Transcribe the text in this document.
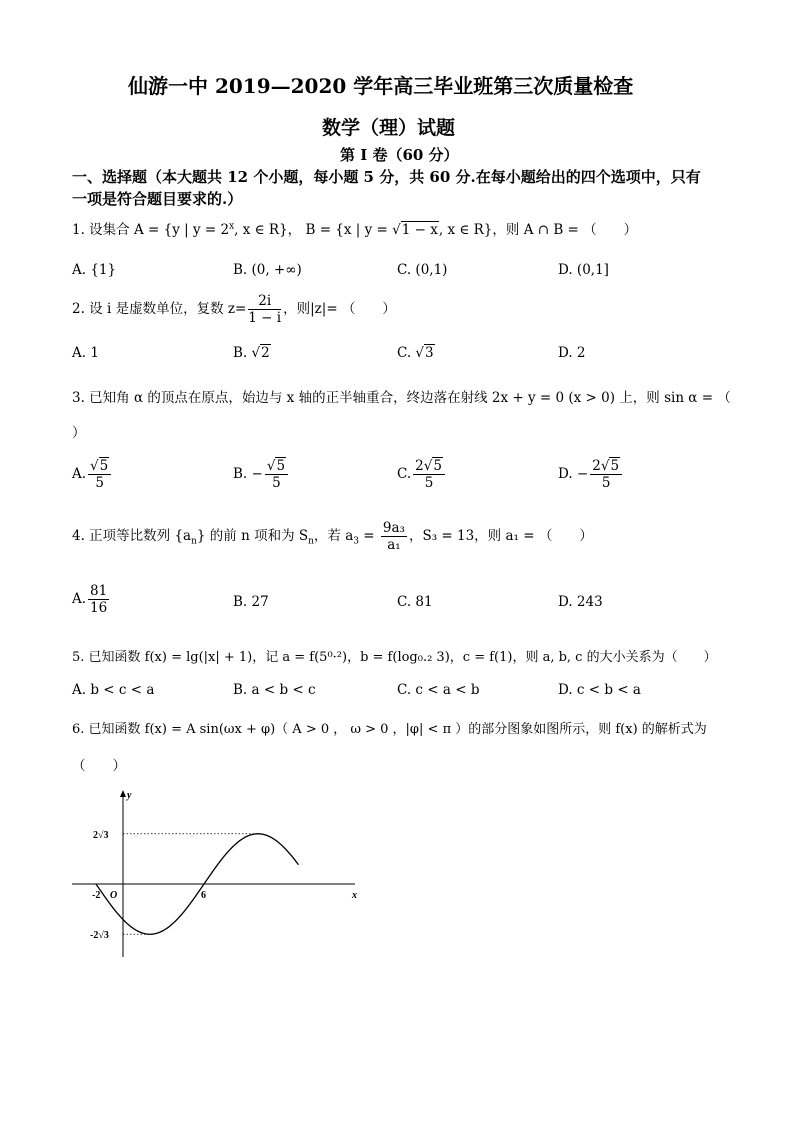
仙游一中 2019—2020 学年高三毕业班第三次质量检查
数学（理）试题
第 I 卷（60 分）
一、选择题（本大题共 12 个小题，每小题 5 分，共 60 分.在每小题给出的四个选项中，只有
一项是符合题目要求的.）
1. 设集合 A = {y | $y = 2^x$, x ∈ R}， B = {x | y = √1 − x, x ∈ R}，则 A ∩ B = （　　）
A. {1}	B. (0, +∞)	C. (0,1)	D. (0,1]
2. 设 i 是虚数单位，复数 $z= \frac{2i}{1 - i}$ ，则|z|= （　　）
A. 1	B. √2	C. √3	D. 2
3. 已知角 α 的顶点在原点，始边与 x 轴的正半轴重合，终边落在射线 2x + y = 0 (x > 0) 上，则 sin α = （
）
A. $\frac{√5}{5}$	B. − $\frac{√5}{5}$	C. $\frac{2√5}{5}$	D. − $\frac{2√5}{5}$
4. 正项等比数列 $\{a_n\}$ 的前 n 项和为 $S_n$，若 $a_3 = \frac{\text{9a₃}}{\text{a₁}}$ ，S₃ = 13，则 a₁ = （　　）
A. $\frac{81}{16}$	B. 27	C. 81	D. 243
5. 已知函数 f(x) = lg(|x| + 1)，记 a = f(5⁰·²)，b = f(log₀.₂ 3)，c = f(1)，则 a, b, c 的大小关系为（　　）
A. b < c < a	B. a < b < c	C. c < a < b	D. c < b < a
6. 已知函数 f(x) = A sin(ωx + φ)（ A > 0 ， ω > 0 ，|φ| < π ）的部分图象如图所示，则 f(x) 的解析式为
（　　）
-2 O	6	x
y
2√3
-2√3
